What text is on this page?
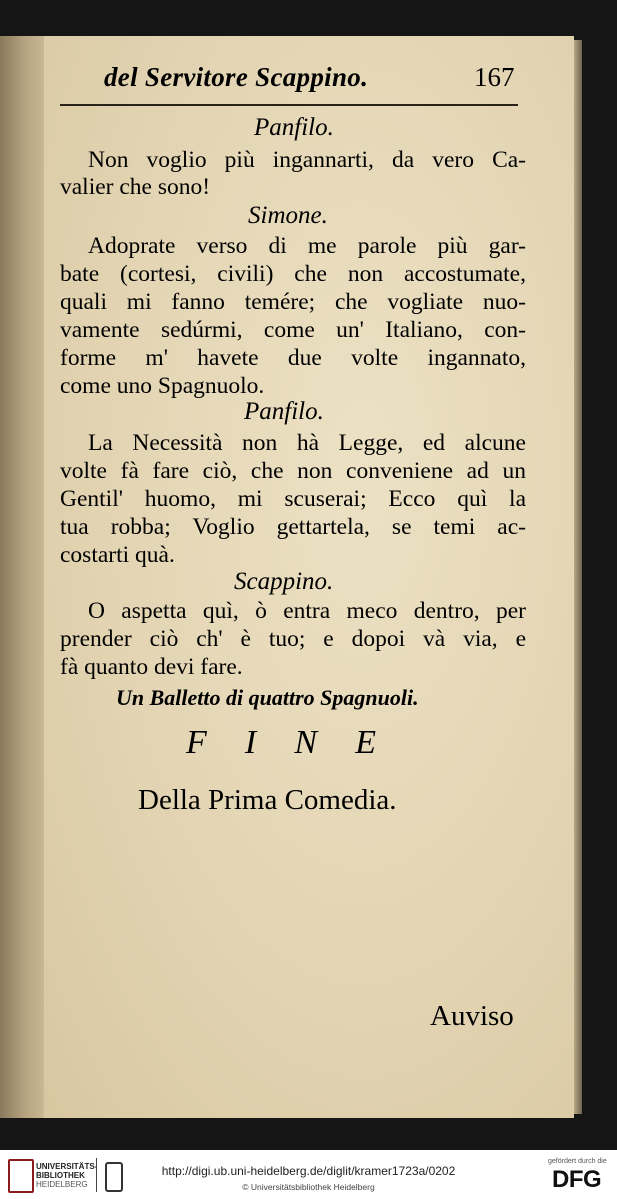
del Servitore Scappino.	167
Panfilo.
Non voglio più ingannarti, da vero Ca-
valier che sono!
Simone.
Adoprate verso di me parole più gar-
bate (cortesi, civili) che non accostumate,
quali mi fanno temére; che vogliate nuo-
vamente sedúrmi, come un' Italiano, con-
forme m' havete due volte ingannato,
come uno Spagnuolo.
Panfilo.
La Necessità non hà Legge, ed alcune
volte fà fare ciò, che non conveniene ad un
Gentil' huomo, mi scuserai; Ecco quì la
tua robba; Voglio gettartela, se temi ac-
costarti quà.
Scappino.
O aspetta quì, ò entra meco dentro, per
prender ciò ch' è tuo; e dopoi và via, e
fà quanto devi fare.
Un Balletto di quattro Spagnuoli.
F I N E
Della Prima Comedia.
Auviso
UNIVERSITÄTS-
BIBLIOTHEK
HEIDELBERG
http://digi.ub.uni-heidelberg.de/diglit/kramer1723a/0202
© Universitätsbibliothek Heidelberg
gefördert durch die
DFG
